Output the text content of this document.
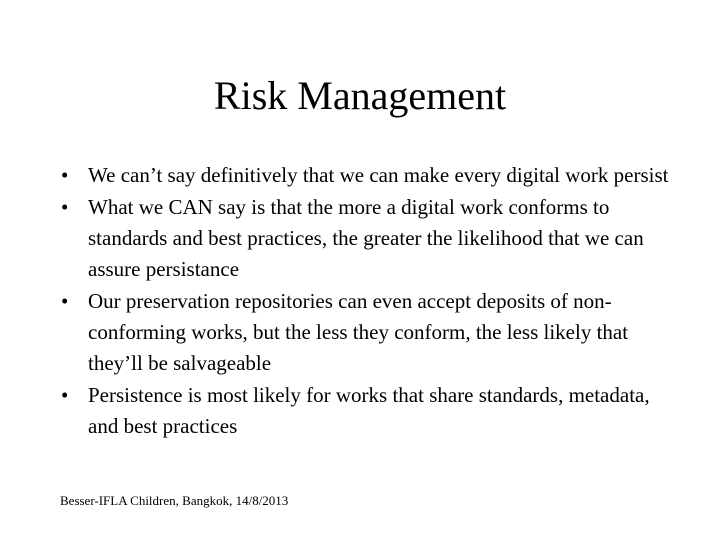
Risk Management
• We can’t say definitively that we can make every digital work persist
• What we CAN say is that the more a digital work conforms to standards and best practices, the greater the likelihood that we can assure persistance
• Our preservation repositories can even accept deposits of non-conforming works, but the less they conform, the less likely that they’ll be salvageable
• Persistence is most likely for works that share standards, metadata, and best practices
Besser-IFLA Children, Bangkok, 14/8/2013
